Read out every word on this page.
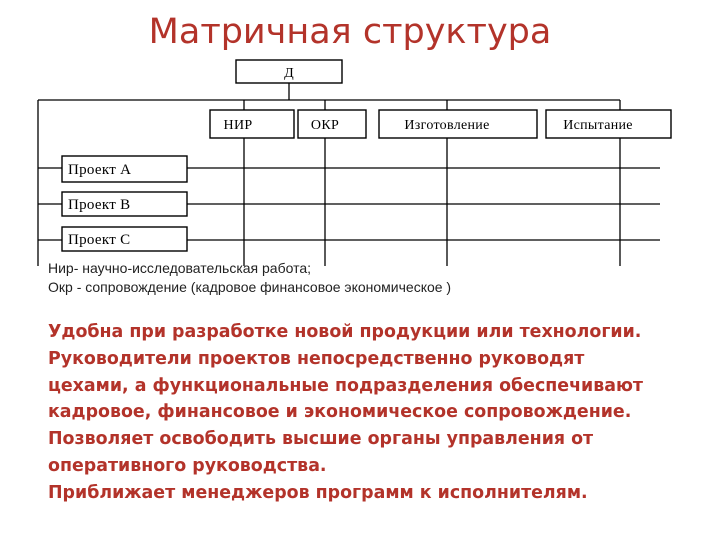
Матричная структура
Д
НИР	ОКР	Изготовление	Испытание
Проект А
Проект В
Проект С
Нир- научно-исследовательская работа;
Окр - сопровождение (кадровое финансовое экономическое )
Удобна при разработке новой продукции или технологии.
Руководители проектов непосредственно руководят
цехами, а функциональные подразделения обеспечивают
кадровое, финансовое и экономическое сопровождение.
Позволяет освободить высшие органы управления от
оперативного руководства.
Приближает менеджеров программ к исполнителям.
